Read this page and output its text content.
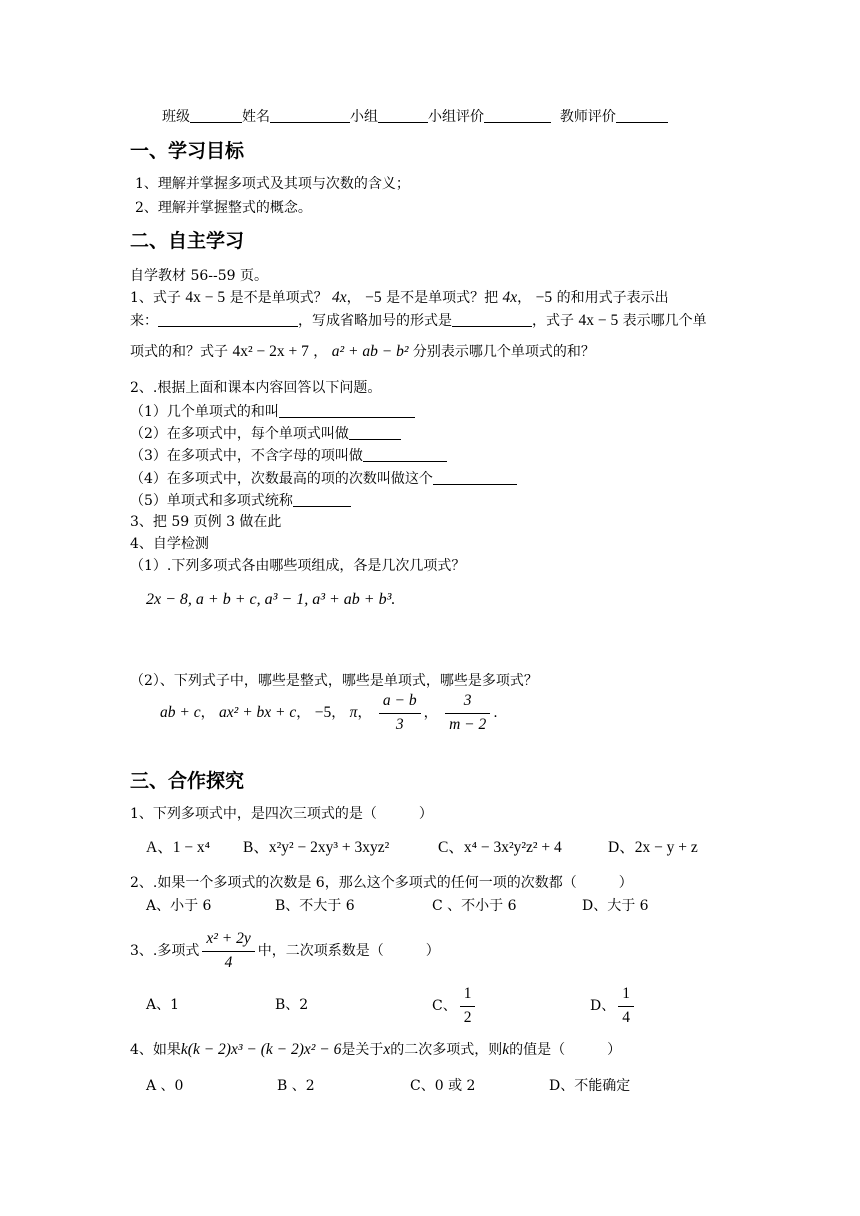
班级	姓名	小组	小组评价	教师评价
一、学习目标
1、理解并掌握多项式及其项与次数的含义；
2、理解并掌握整式的概念。
二、自主学习
自学教材 56--59 页。
1、式子 4x − 5 是不是单项式？ 4x， −5 是不是单项式？把 4x， −5 的和用式子表示出
来：	，写成省略加号的形式是	，式子 4x − 5 表示哪几个单
项式的和？式子 4x² − 2x + 7 ， a² + ab − b² 分别表示哪几个单项式的和？
2、.根据上面和课本内容回答以下问题。
（1）几个单项式的和叫
（2）在多项式中，每个单项式叫做
（3）在多项式中，不含字母的项叫做
（4）在多项式中，次数最高的项的次数叫做这个
（5）单项式和多项式统称
3、把 59 页例 3 做在此
4、自学检测
（1）.下列多项式各由哪些项组成，各是几次几项式？
2x − 8, a + b + c, a³ − 1, a³ + ab + b³.
（2）、下列式子中，哪些是整式，哪些是单项式，哪些是多项式？
ab + c， ax² + bx + c， −5， π， $\frac{a - b}{3}$ ， $\frac{3}{m - 2}$ .
三、合作探究
1、下列多项式中，是四次三项式的是（　　　）
A、1 − x⁴ B、x²y² − 2xy³ + 3xyz²	C、x⁴ − 3x²y²z² + 4	D、2x − y + z
2、.如果一个多项式的次数是 6，那么这个多项式的任何一项的次数都（　　　）
A、小于 6	B、不大于 6	C 、不小于 6	D、大于 6
3、.多项式 $\frac{\text{x² + 2y}}{4}$ 中，二次项系数是（　　　）
A、1	B、2	C、 $\frac{1}{2}$	D、 $\frac{1}{4}$
4、如果k(k − 2)x³ − (k − 2)x² − 6是关于x的二次多项式，则k的值是（　　　）
A 、0	B 、2	C、0 或 2	D、不能确定
